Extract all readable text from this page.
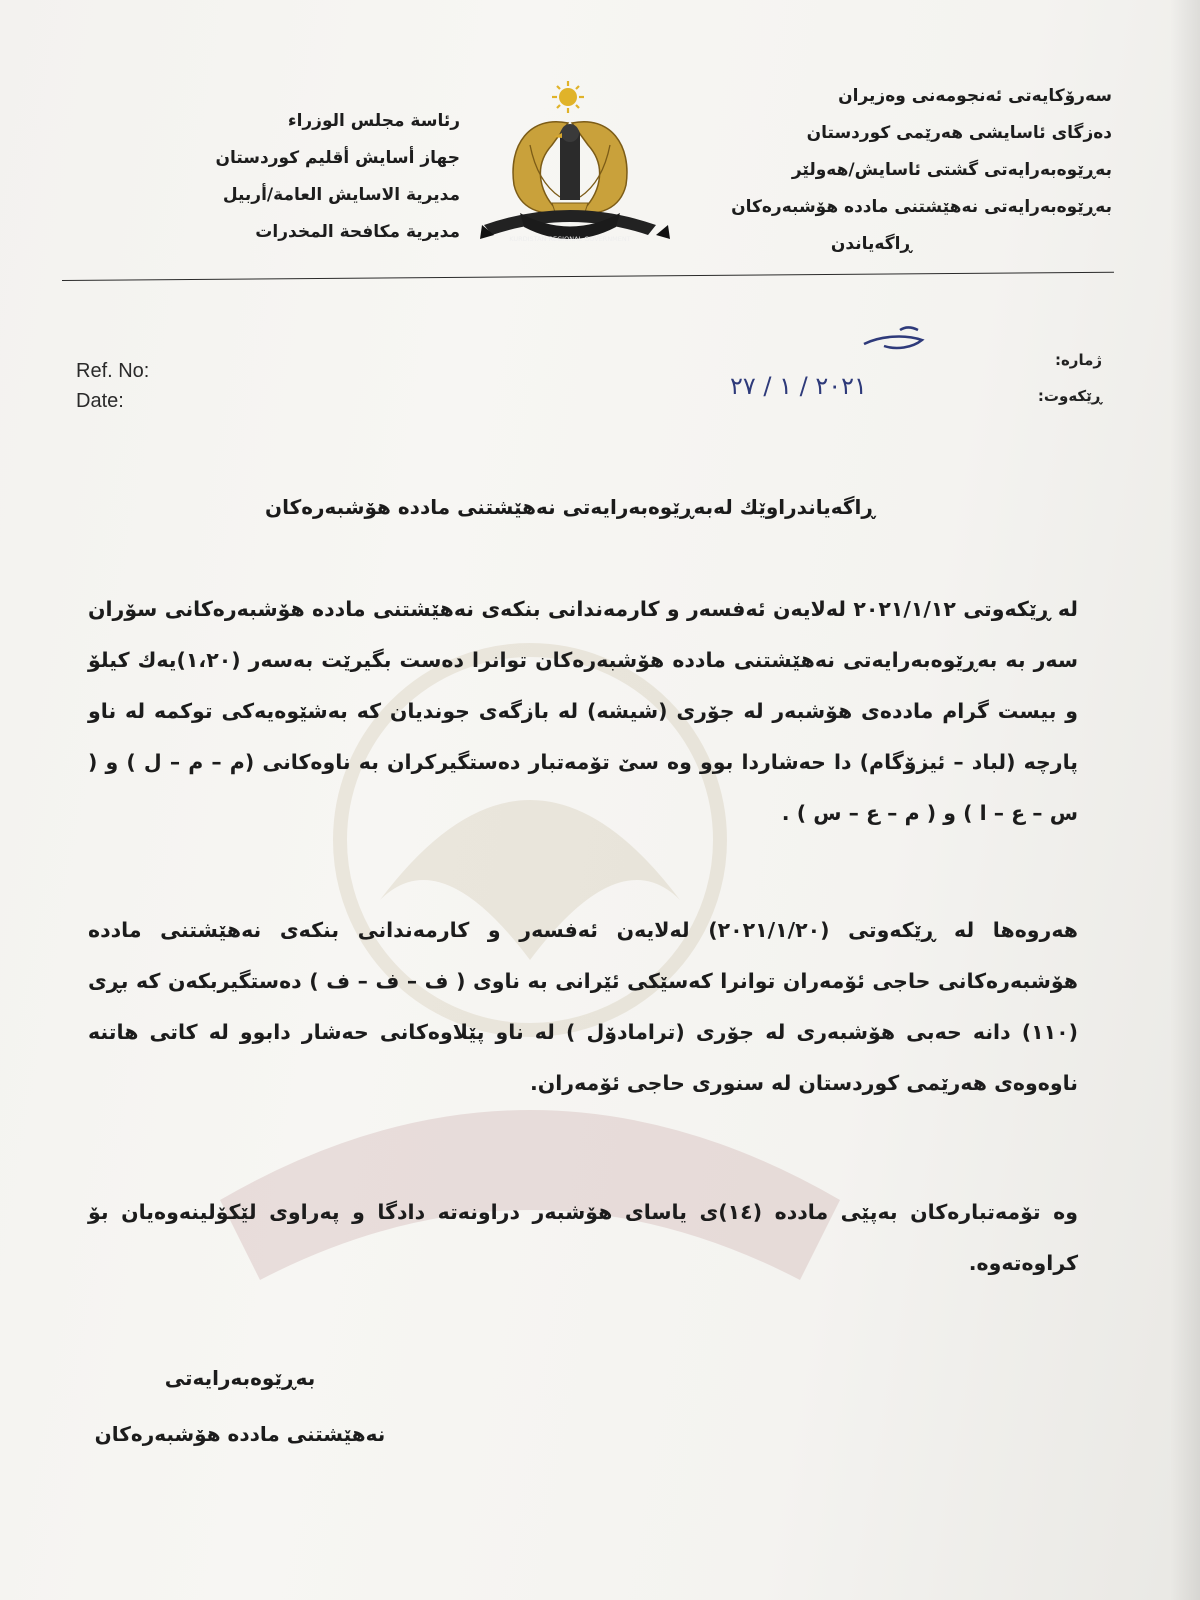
سەرۆکایەتی ئەنجومەنی وەزیران
دەزگای ئاسایشی هەرێمی کوردستان
بەڕێوەبەرایەتی گشتی ئاسایش/هەولێر
بەڕێوەبەرایەتی نەهێشتنی مادده هۆشبەرەکان
ڕاگەیاندن
رئاسة مجلس الوزراء
جهاز أسايش أقليم كوردستان
مديرية الاسايش العامة/أربيل
مديرية مكافحة المخدرات	KURDISTAN REGIONAL GOVERNMENT
Ref. No:
Date:
ژمارە:
ڕێکەوت:
٢٠٢١ / ١ / ٢٧
ڕاگەیاندراوێك لەبەڕێوەبەرایەتی نەهێشتنی مادده هۆشبەرەکان
لە ڕێکەوتی ٢٠٢١/١/١٢ لەلایەن ئەفسەر و کارمەندانی بنکەی نەهێشتنی مادده هۆشبەرەکانی سۆران سەر بە بەڕێوەبەرایەتی نەهێشتنی مادده هۆشبەرەکان توانرا دەست بگیرێت بەسەر (١،٢٠)یەك کیلۆ و بیست گرام ماددەی هۆشبەر لە جۆری (شیشە) لە بازگەی جوندیان کە بەشێوەیەکی توکمە لە ناو پارچە (لباد – ئیزۆگام) دا حەشاردا بوو وە سێ تۆمەتبار دەستگیرکران بە ناوەکانی (م – م – ل ) و ( س – ع – ا ) و ( م – ع – س ) .
هەروەها لە ڕێکەوتی (٢٠٢١/١/٢٠) لەلایەن ئەفسەر و کارمەندانی بنکەی نەهێشتنی مادده هۆشبەرەکانی حاجی ئۆمەران توانرا کەسێکی ئێرانی بە ناوی ( ف – ف – ف ) دەستگیربکەن کە بڕی (١١٠) دانە حەبی هۆشبەری لە جۆری (ترامادۆل ) لە ناو پێلاوەکانی حەشار دابوو لە کاتی هاتنە ناوەوەی هەرێمی کوردستان لە سنوری حاجی ئۆمەران.
وە تۆمەتبارەکان بەپێی مادده (١٤)ی یاسای هۆشبەر دراونەتە دادگا و پەراوی لێکۆلینەوەیان بۆ کراوەتەوە.
بەڕێوەبەرایەتی
نەهێشتنی مادده هۆشبەرەکان
